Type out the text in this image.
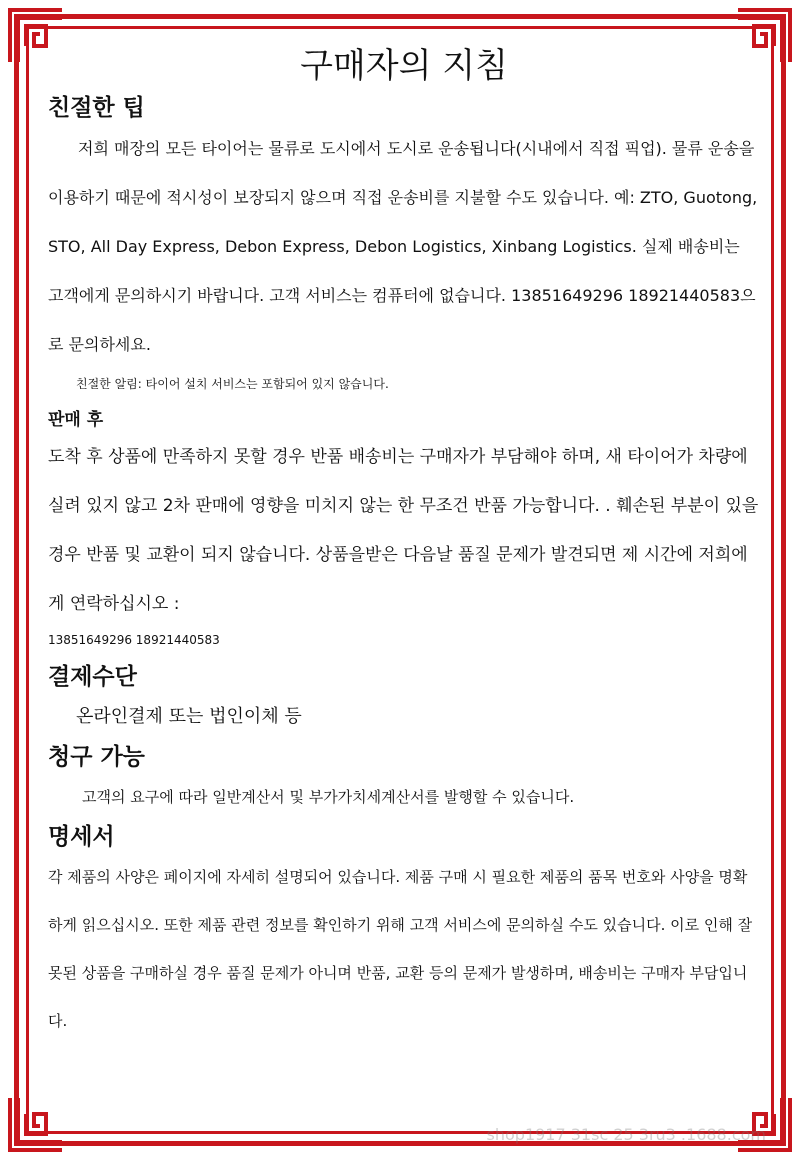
구매자의 지침
친절한 팁

저희 매장의 모든 타이어는 물류로 도시에서 도시로 운송됩니다(시내에서 직접 픽업). 물류 운송을 이용하기 때문에 적시성이 보장되지 않으며 직접 운송비를 지불할 수도 있습니다. 예: ZTO, Guotong, STO, All Day Express, Debon Express, Debon Logistics, Xinbang Logistics. 실제 배송비는 고객에게 문의하시기 바랍니다. 고객 서비스는 컴퓨터에 없습니다. 13851649296 18921440583으로 문의하세요.

친절한 알림: 타이어 설치 서비스는 포함되어 있지 않습니다.

판매 후

도착 후 상품에 만족하지 못할 경우 반품 배송비는 구매자가 부담해야 하며, 새 타이어가 차량에 실려 있지 않고 2차 판매에 영향을 미치지 않는 한 무조건 반품 가능합니다. . 훼손된 부분이 있을 경우 반품 및 교환이 되지 않습니다. 상품을받은 다음날 품질 문제가 발견되면 제 시간에 저희에게 연락하십시오 :

13851649296 18921440583

결제수단

온라인결제 또는 법인이체 등

청구 가능

고객의 요구에 따라 일반계산서 및 부가가치세계산서를 발행할 수 있습니다.

명세서

각 제품의 사양은 페이지에 자세히 설명되어 있습니다. 제품 구매 시 필요한 제품의 품목 번호와 사양을 명확하게 읽으십시오. 또한 제품 관련 정보를 확인하기 위해 고객 서비스에 문의하실 수도 있습니다. 이로 인해 잘못된 상품을 구매하실 경우 품질 문제가 아니며 반품, 교환 등의 문제가 발생하며, 배송비는 구매자 부담입니다.

shop1917 31sc 25 3ru3 .1688.com
